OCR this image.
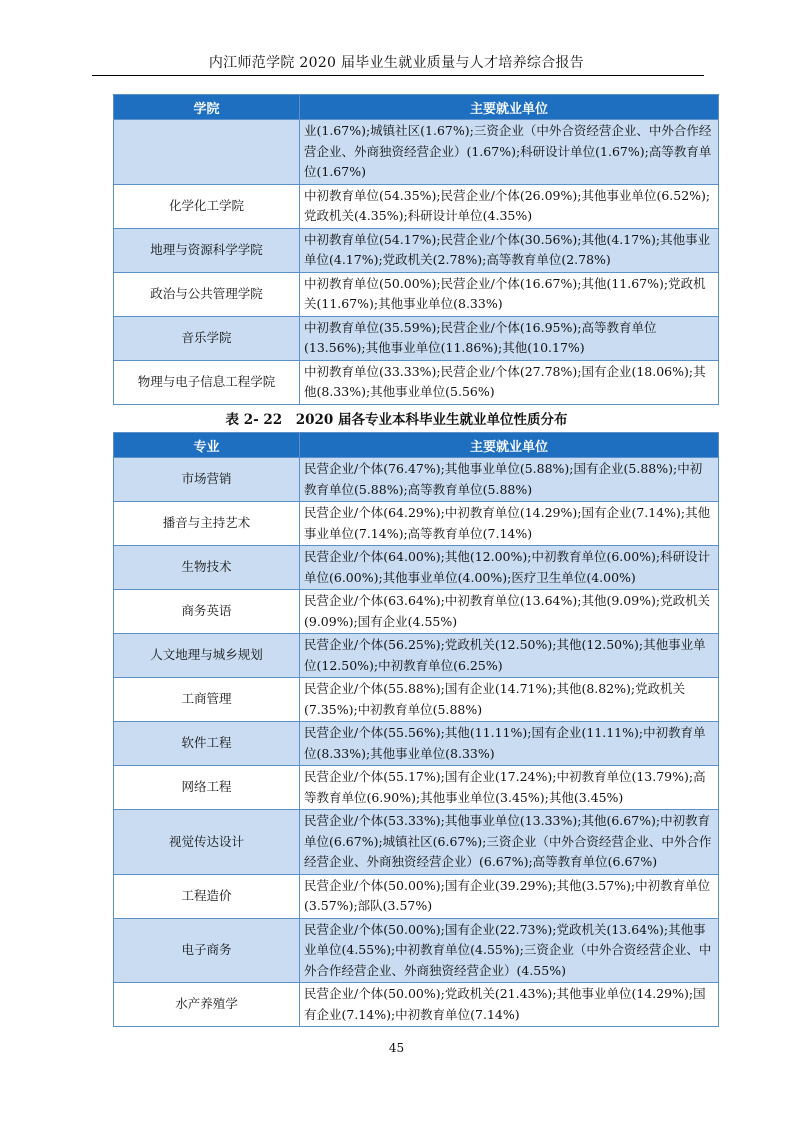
内江师范学院 2020 届毕业生就业质量与人才培养综合报告
学院	主要就业单位
	业(1.67%);城镇社区(1.67%);三资企业（中外合资经营企业、中外合作经营企业、外商独资经营企业）(1.67%);科研设计单位(1.67%);高等教育单位(1.67%)
化学化工学院	中初教育单位(54.35%);民营企业/个体(26.09%);其他事业单位(6.52%);党政机关(4.35%);科研设计单位(4.35%)
地理与资源科学学院	中初教育单位(54.17%);民营企业/个体(30.56%);其他(4.17%);其他事业单位(4.17%);党政机关(2.78%);高等教育单位(2.78%)
政治与公共管理学院	中初教育单位(50.00%);民营企业/个体(16.67%);其他(11.67%);党政机关(11.67%);其他事业单位(8.33%)
音乐学院	中初教育单位(35.59%);民营企业/个体(16.95%);高等教育单位(13.56%);其他事业单位(11.86%);其他(10.17%)
物理与电子信息工程学院	中初教育单位(33.33%);民营企业/个体(27.78%);国有企业(18.06%);其他(8.33%);其他事业单位(5.56%)
表 2- 22　2020 届各专业本科毕业生就业单位性质分布
专业	主要就业单位
市场营销	民营企业/个体(76.47%);其他事业单位(5.88%);国有企业(5.88%);中初教育单位(5.88%);高等教育单位(5.88%)
播音与主持艺术	民营企业/个体(64.29%);中初教育单位(14.29%);国有企业(7.14%);其他事业单位(7.14%);高等教育单位(7.14%)
生物技术	民营企业/个体(64.00%);其他(12.00%);中初教育单位(6.00%);科研设计单位(6.00%);其他事业单位(4.00%);医疗卫生单位(4.00%)
商务英语	民营企业/个体(63.64%);中初教育单位(13.64%);其他(9.09%);党政机关(9.09%);国有企业(4.55%)
人文地理与城乡规划	民营企业/个体(56.25%);党政机关(12.50%);其他(12.50%);其他事业单位(12.50%);中初教育单位(6.25%)
工商管理	民营企业/个体(55.88%);国有企业(14.71%);其他(8.82%);党政机关(7.35%);中初教育单位(5.88%)
软件工程	民营企业/个体(55.56%);其他(11.11%);国有企业(11.11%);中初教育单位(8.33%);其他事业单位(8.33%)
网络工程	民营企业/个体(55.17%);国有企业(17.24%);中初教育单位(13.79%);高等教育单位(6.90%);其他事业单位(3.45%);其他(3.45%)
视觉传达设计	民营企业/个体(53.33%);其他事业单位(13.33%);其他(6.67%);中初教育单位(6.67%);城镇社区(6.67%);三资企业（中外合资经营企业、中外合作经营企业、外商独资经营企业）(6.67%);高等教育单位(6.67%)
工程造价	民营企业/个体(50.00%);国有企业(39.29%);其他(3.57%);中初教育单位(3.57%);部队(3.57%)
电子商务	民营企业/个体(50.00%);国有企业(22.73%);党政机关(13.64%);其他事业单位(4.55%);中初教育单位(4.55%);三资企业（中外合资经营企业、中外合作经营企业、外商独资经营企业）(4.55%)
水产养殖学	民营企业/个体(50.00%);党政机关(21.43%);其他事业单位(14.29%);国有企业(7.14%);中初教育单位(7.14%)
45
